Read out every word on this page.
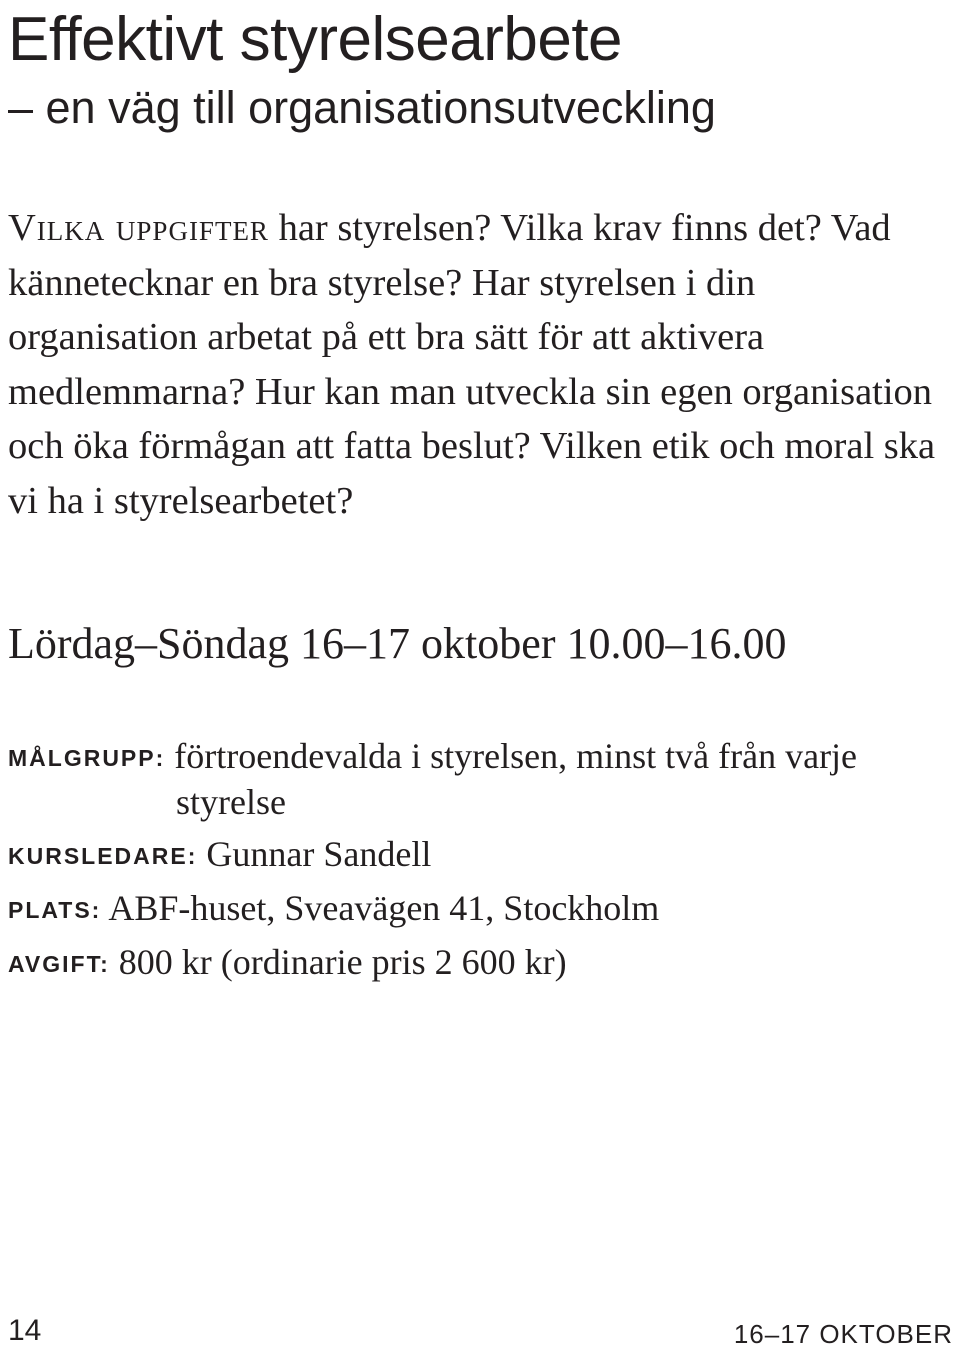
Effektivt styrelsearbete
– en väg till organisationsutveckling

Vilka uppgifter har styrelsen? Vilka krav finns det? Vad kännetecknar en bra styrelse? Har styrelsen i din organisation arbetat på ett bra sätt för att aktivera medlemmarna? Hur kan man utveckla sin egen organisation och öka förmågan att fatta beslut? Vilken etik och moral ska vi ha i styrelsearbetet?

Lördag–Söndag 16–17 oktober 10.00–16.00

MÅLGRUPP: förtroendevalda i styrelsen, minst två från varje styrelse

KURSLEDARE: Gunnar Sandell

PLATS: ABF-huset, Sveavägen 41, Stockholm

AVGIFT: 800 kr (ordinarie pris 2 600 kr)

14	16–17 OKTOBER
